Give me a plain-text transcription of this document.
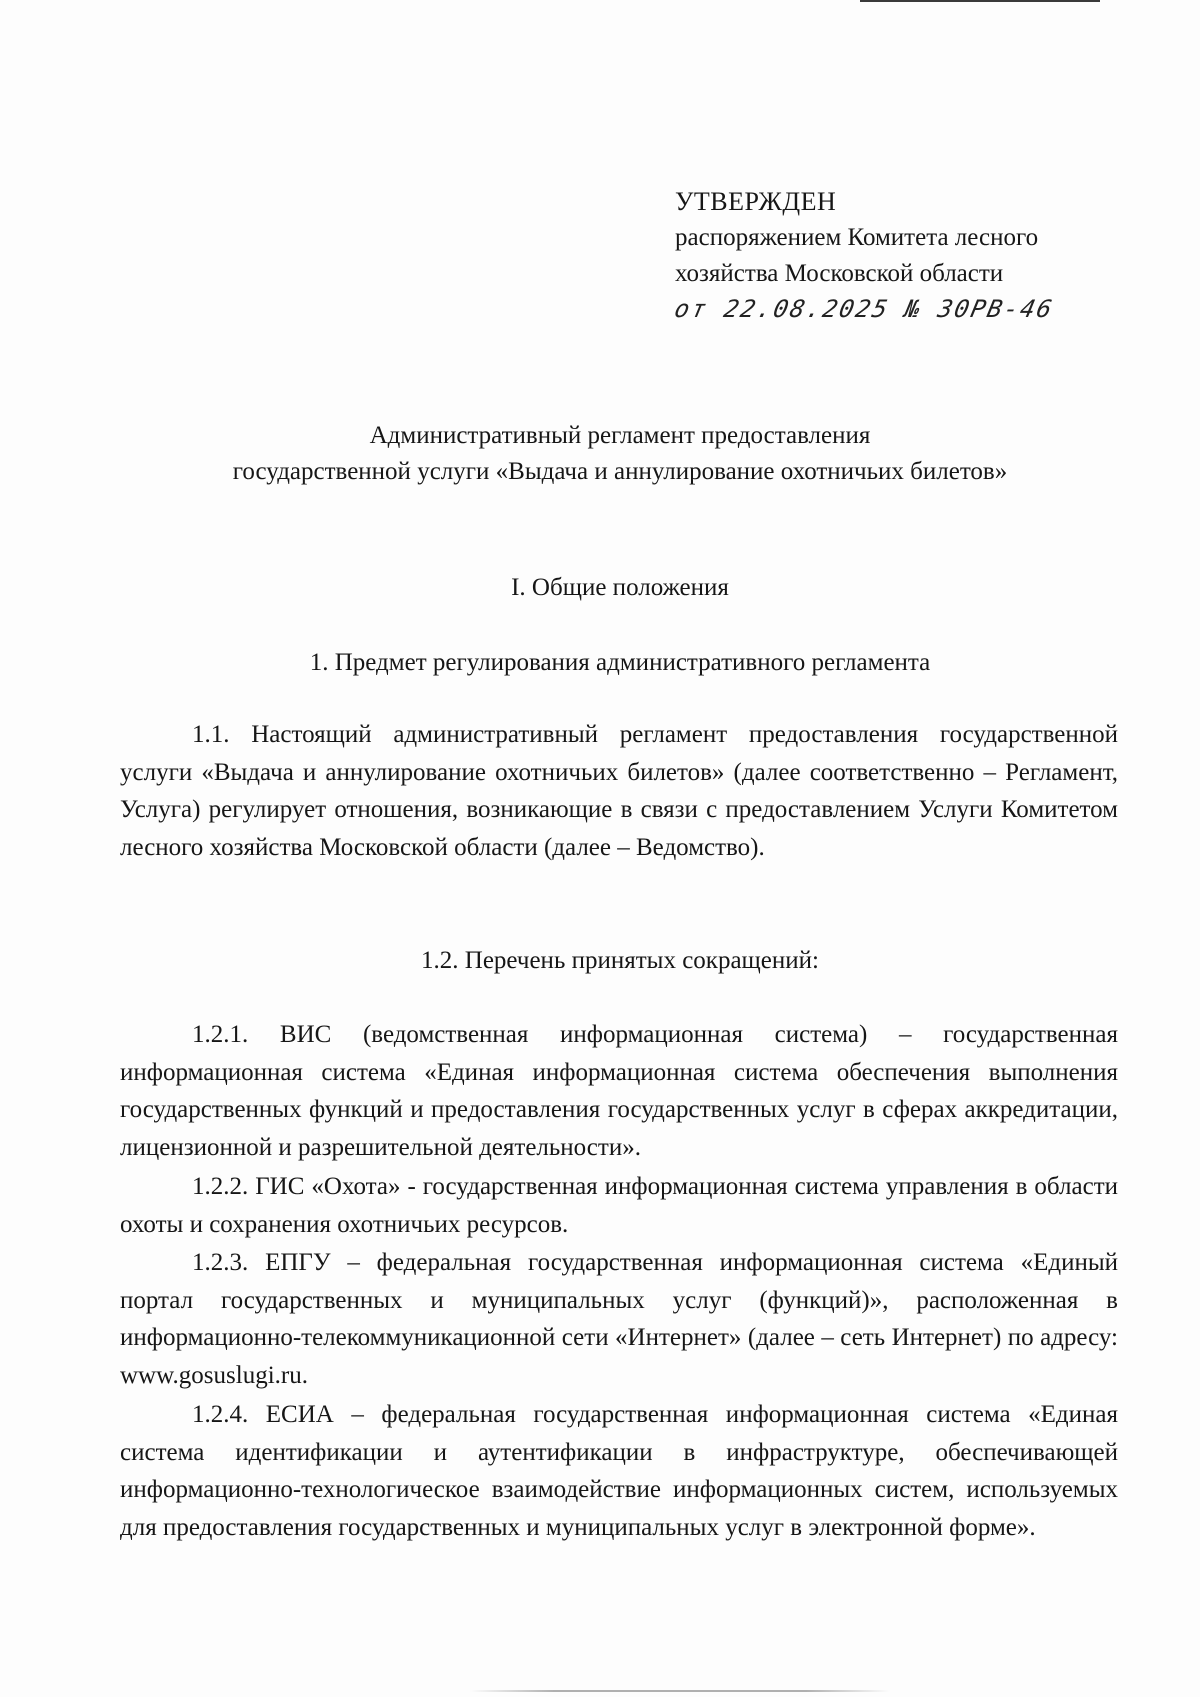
УТВЕРЖДЕН
распоряжением Комитета лесного
хозяйства Московской области
от 22.08.2025 № 30РВ-46
Административный регламент предоставления
государственной услуги «Выдача и аннулирование охотничьих билетов»
I. Общие положения
1. Предмет регулирования административного регламента
1.1. Настоящий административный регламент предоставления государственной услуги «Выдача и аннулирование охотничьих билетов» (далее соответственно – Регламент, Услуга) регулирует отношения, возникающие в связи с предоставлением Услуги Комитетом лесного хозяйства Московской области (далее – Ведомство).
1.2. Перечень принятых сокращений:
1.2.1. ВИС (ведомственная информационная система) – государственная информационная система «Единая информационная система обеспечения выполнения государственных функций и предоставления государственных услуг в сферах аккредитации, лицензионной и разрешительной деятельности».
1.2.2. ГИС «Охота» - государственная информационная система управления в области охоты и сохранения охотничьих ресурсов.
1.2.3. ЕПГУ – федеральная государственная информационная система «Единый портал государственных и муниципальных услуг (функций)», расположенная в информационно-телекоммуникационной сети «Интернет» (далее – сеть Интернет) по адресу: www.gosuslugi.ru.
1.2.4. ЕСИА – федеральная государственная информационная система «Единая система идентификации и аутентификации в инфраструктуре, обеспечивающей информационно-технологическое взаимодействие информационных систем, используемых для предоставления государственных и муниципальных услуг в электронной форме».
